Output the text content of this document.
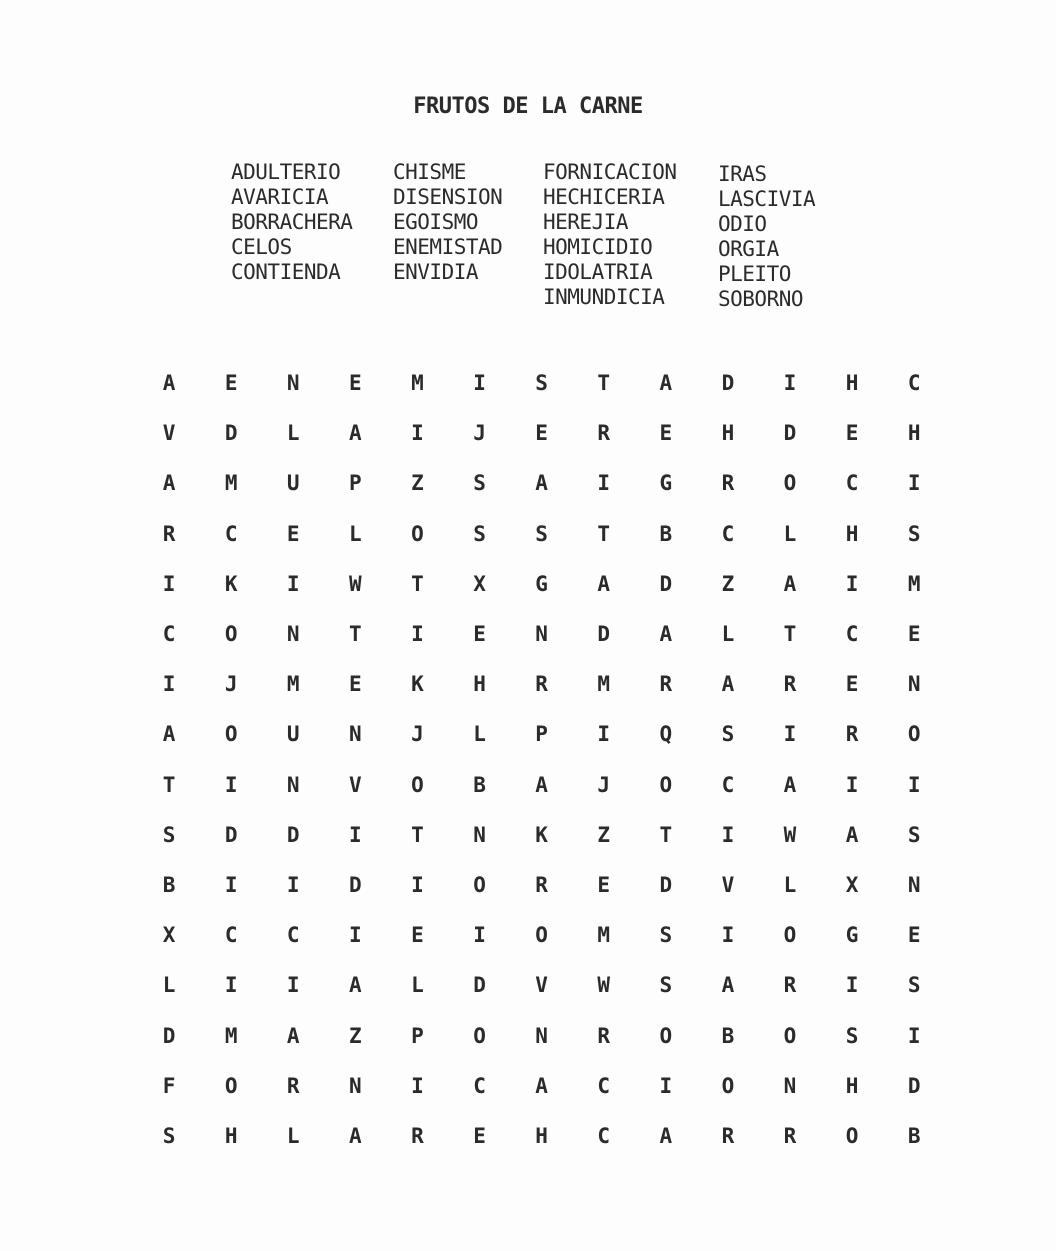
FRUTOS DE LA CARNE
ADULTERIO
AVARICIA
BORRACHERA
CELOS
CONTIENDA
CHISME
DISENSION
EGOISMO
ENEMISTAD
ENVIDIA
FORNICACION
HECHICERIA
HEREJIA
HOMICIDIO
IDOLATRIA
INMUNDICIA
IRAS
LASCIVIA
ODIO
ORGIA
PLEITO
SOBORNO
A	E	N	E	M	I	S	T	A	D	I	H	C
V	D	L	A	I	J	E	R	E	H	D	E	H
A	M	U	P	Z	S	A	I	G	R	O	C	I
R	C	E	L	O	S	S	T	B	C	L	H	S
I	K	I	W	T	X	G	A	D	Z	A	I	M
C	O	N	T	I	E	N	D	A	L	T	C	E
I	J	M	E	K	H	R	M	R	A	R	E	N
A	O	U	N	J	L	P	I	Q	S	I	R	O
T	I	N	V	O	B	A	J	O	C	A	I	I
S	D	D	I	T	N	K	Z	T	I	W	A	S
B	I	I	D	I	O	R	E	D	V	L	X	N
X	C	C	I	E	I	O	M	S	I	O	G	E
L	I	I	A	L	D	V	W	S	A	R	I	S
D	M	A	Z	P	O	N	R	O	B	O	S	I
F	O	R	N	I	C	A	C	I	O	N	H	D
S	H	L	A	R	E	H	C	A	R	R	O	B
